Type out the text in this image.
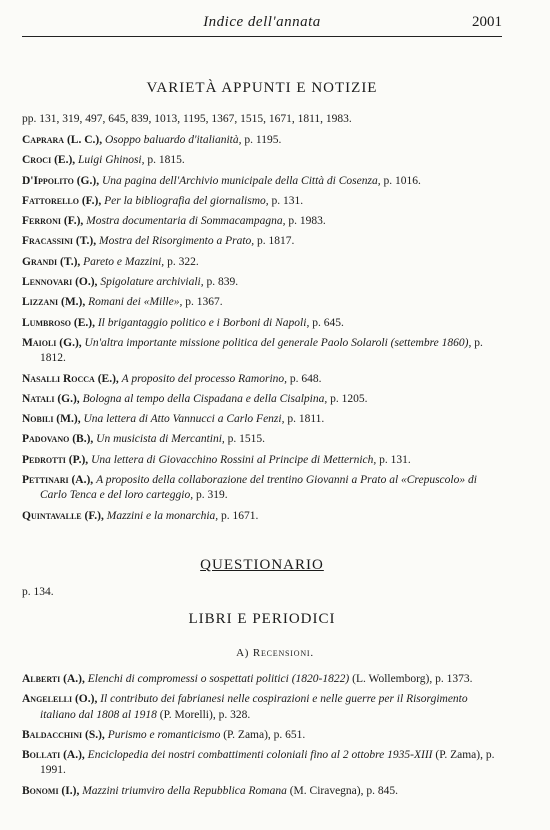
Indice dell'annata	2001
VARIETÀ APPUNTI E NOTIZIE
pp. 131, 319, 497, 645, 839, 1013, 1195, 1367, 1515, 1671, 1811, 1983.
Caprara (L. C.), Osoppo baluardo d'italianità, p. 1195.
Croci (E.), Luigi Ghinosi, p. 1815.
D'Ippolito (G.), Una pagina dell'Archivio municipale della Città di Cosenza, p. 1016.
Fattorello (F.), Per la bibliografia del giornalismo, p. 131.
Ferroni (F.), Mostra documentaria di Sommacampagna, p. 1983.
Fracassini (T.), Mostra del Risorgimento a Prato, p. 1817.
Grandi (T.), Pareto e Mazzini, p. 322.
Lennovari (O.), Spigolature archiviali, p. 839.
Lizzani (M.), Romani dei «Mille», p. 1367.
Lumbroso (E.), Il brigantaggio politico e i Borboni di Napoli, p. 645.
Maioli (G.), Un'altra importante missione politica del generale Paolo Solaroli (settembre 1860), p. 1812.
Nasalli Rocca (E.), A proposito del processo Ramorino, p. 648.
Natali (G.), Bologna al tempo della Cispadana e della Cisalpina, p. 1205.
Nobili (M.), Una lettera di Atto Vannucci a Carlo Fenzi, p. 1811.
Padovano (B.), Un musicista di Mercantini, p. 1515.
Pedrotti (P.), Una lettera di Giovacchino Rossini al Principe di Metternich, p. 131.
Pettinari (A.), A proposito della collaborazione del trentino Giovanni a Prato al «Crepuscolo» di Carlo Tenca e del loro carteggio, p. 319.
Quintavalle (F.), Mazzini e la monarchia, p. 1671.
QUESTIONARIO
p. 134.
LIBRI E PERIODICI
A) Recensioni.
Alberti (A.), Elenchi di compromessi o sospettati politici (1820-1822) (L. Wollemborg), p. 1373.
Angelelli (O.), Il contributo dei fabrianesi nelle cospirazioni e nelle guerre per il Risorgimento italiano dal 1808 al 1918 (P. Morelli), p. 328.
Baldacchini (S.), Purismo e romanticismo (P. Zama), p. 651.
Bollati (A.), Enciclopedia dei nostri combattimenti coloniali fino al 2 ottobre 1935-XIII (P. Zama), p. 1991.
Bonomi (I.), Mazzini triumviro della Repubblica Romana (M. Ciravegna), p. 845.
